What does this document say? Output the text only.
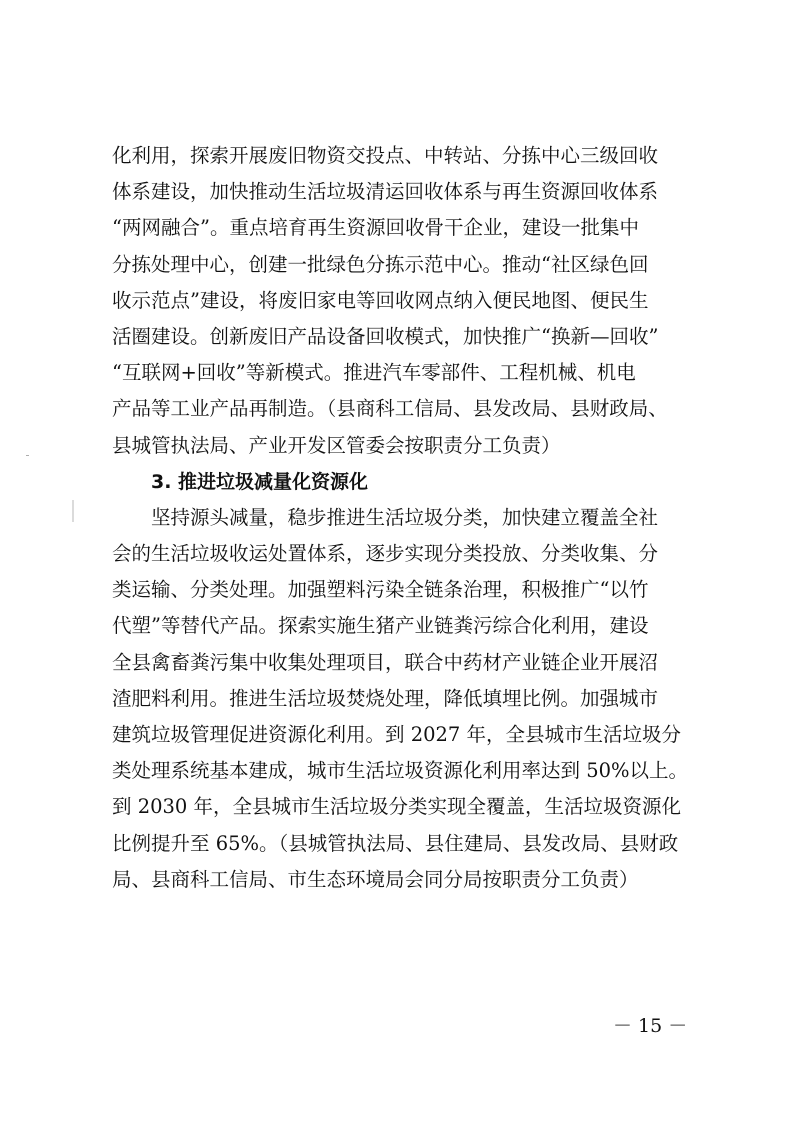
化利用，探索开展废旧物资交投点、中转站、分拣中心三级回收
体系建设，加快推动生活垃圾清运回收体系与再生资源回收体系
“两网融合”。重点培育再生资源回收骨干企业，建设一批集中
分拣处理中心，创建一批绿色分拣示范中心。推动“社区绿色回
收示范点”建设，将废旧家电等回收网点纳入便民地图、便民生
活圈建设。创新废旧产品设备回收模式，加快推广“换新—回收”
“互联网+回收”等新模式。推进汽车零部件、工程机械、机电
产品等工业产品再制造。（县商科工信局、县发改局、县财政局、
县城管执法局、产业开发区管委会按职责分工负责）
3. 推进垃圾减量化资源化
坚持源头减量，稳步推进生活垃圾分类，加快建立覆盖全社
会的生活垃圾收运处置体系，逐步实现分类投放、分类收集、分
类运输、分类处理。加强塑料污染全链条治理，积极推广“以竹
代塑”等替代产品。探索实施生猪产业链粪污综合化利用，建设
全县禽畜粪污集中收集处理项目，联合中药材产业链企业开展沼
渣肥料利用。推进生活垃圾焚烧处理，降低填埋比例。加强城市
建筑垃圾管理促进资源化利用。到 2027 年，全县城市生活垃圾分
类处理系统基本建成，城市生活垃圾资源化利用率达到 50%以上。
到 2030 年，全县城市生活垃圾分类实现全覆盖，生活垃圾资源化
比例提升至 65%。（县城管执法局、县住建局、县发改局、县财政
局、县商科工信局、市生态环境局会同分局按职责分工负责）
－ 15 －
